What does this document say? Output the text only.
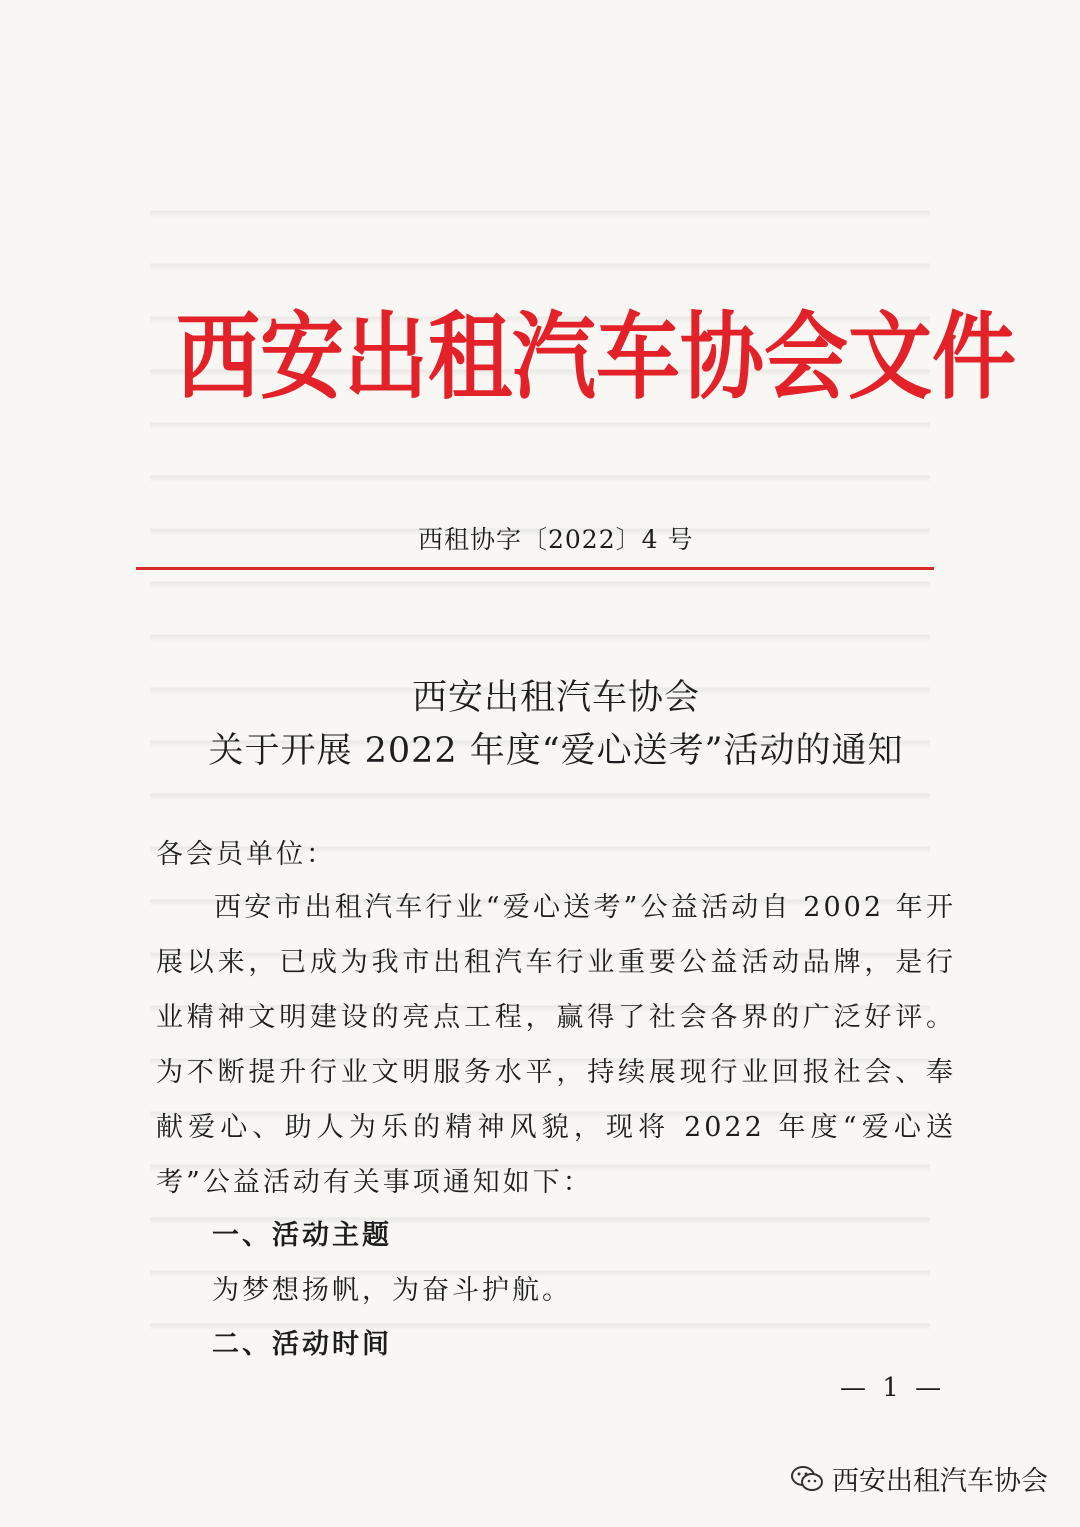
西安出租汽车协会文件
西租协字〔2022〕4 号
西安出租汽车协会
关于开展 2022 年度“爱心送考”活动的通知
各会员单位：

西安市出租汽车行业“爱心送考”公益活动自 2002 年开展以来，已成为我市出租汽车行业重要公益活动品牌，是行业精神文明建设的亮点工程，赢得了社会各界的广泛好评。为不断提升行业文明服务水平，持续展现行业回报社会、奉献爱心、助人为乐的精神风貌，现将 2022 年度“爱心送考”公益活动有关事项通知如下：

一、活动主题
为梦想扬帆，为奋斗护航。
二、活动时间
— 1 —
西安出租汽车协会
